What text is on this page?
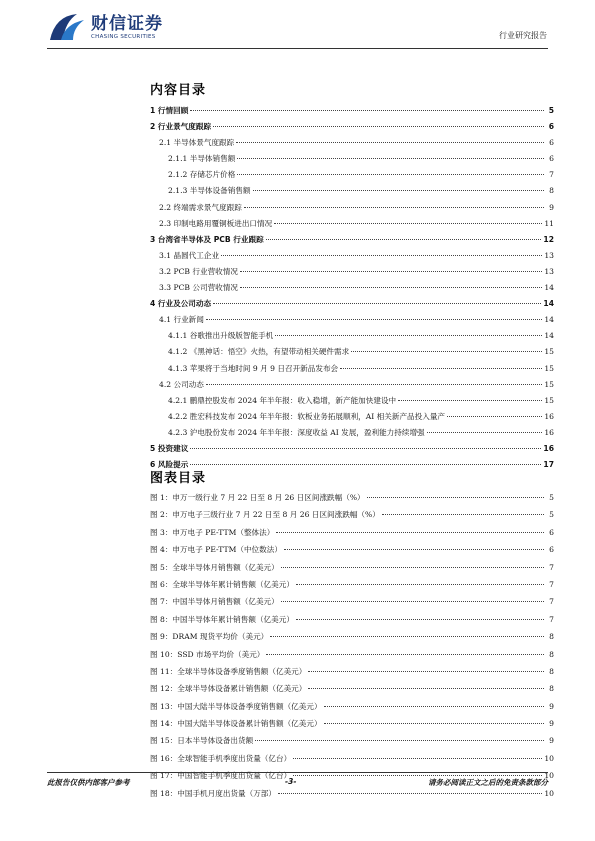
财信证券
CHASING SECURITIES	行业研究报告
内容目录
1 行情回顾	5
2 行业景气度跟踪	6
2.1 半导体景气度跟踪	6
2.1.1 半导体销售额	6
2.1.2 存储芯片价格	7
2.1.3 半导体设备销售额	8
2.2 终端需求景气度跟踪	9
2.3 印制电路用覆铜板进出口情况	11
3 台湾省半导体及 PCB 行业跟踪	12
3.1 晶圆代工企业	13
3.2 PCB 行业营收情况	13
3.3 PCB 公司营收情况	14
4 行业及公司动态	14
4.1 行业新闻	14
4.1.1 谷歌推出升级版智能手机	14
4.1.2 《黑神话：悟空》火热，有望带动相关硬件需求	15
4.1.3 苹果将于当地时间 9 月 9 日召开新品发布会	15
4.2 公司动态	15
4.2.1 鹏鼎控股发布 2024 年半年报：收入稳增，新产能加快建设中	15
4.2.2 胜宏科技发布 2024 年半年报：软板业务拓展顺利，AI 相关新产品投入量产	16
4.2.3 沪电股份发布 2024 年半年报：深度收益 AI 发展，盈利能力持续增强	16
5 投资建议	16
6 风险提示	17
图表目录
图 1：申万一级行业 7 月 22 日至 8 月 26 日区间涨跌幅（%）	5
图 2：申万电子三级行业 7 月 22 日至 8 月 26 日区间涨跌幅（%）	5
图 3：申万电子 PE-TTM（整体法）	6
图 4：申万电子 PE-TTM（中位数法）	6
图 5：全球半导体月销售额（亿美元）	7
图 6：全球半导体年累计销售额（亿美元）	7
图 7：中国半导体月销售额（亿美元）	7
图 8：中国半导体年累计销售额（亿美元）	7
图 9：DRAM 现货平均价（美元）	8
图 10：SSD 市场平均价（美元）	8
图 11：全球半导体设备季度销售额（亿美元）	8
图 12：全球半导体设备累计销售额（亿美元）	8
图 13：中国大陆半导体设备季度销售额（亿美元）	9
图 14：中国大陆半导体设备累计销售额（亿美元）	9
图 15：日本半导体设备出货额	9
图 16：全球智能手机季度出货量（亿台）	10
图 17：中国智能手机季度出货量（亿台）	10
图 18：中国手机月度出货量（万部）	10
此报告仅供内部客户参考	-3-	请务必阅读正文之后的免责条款部分
